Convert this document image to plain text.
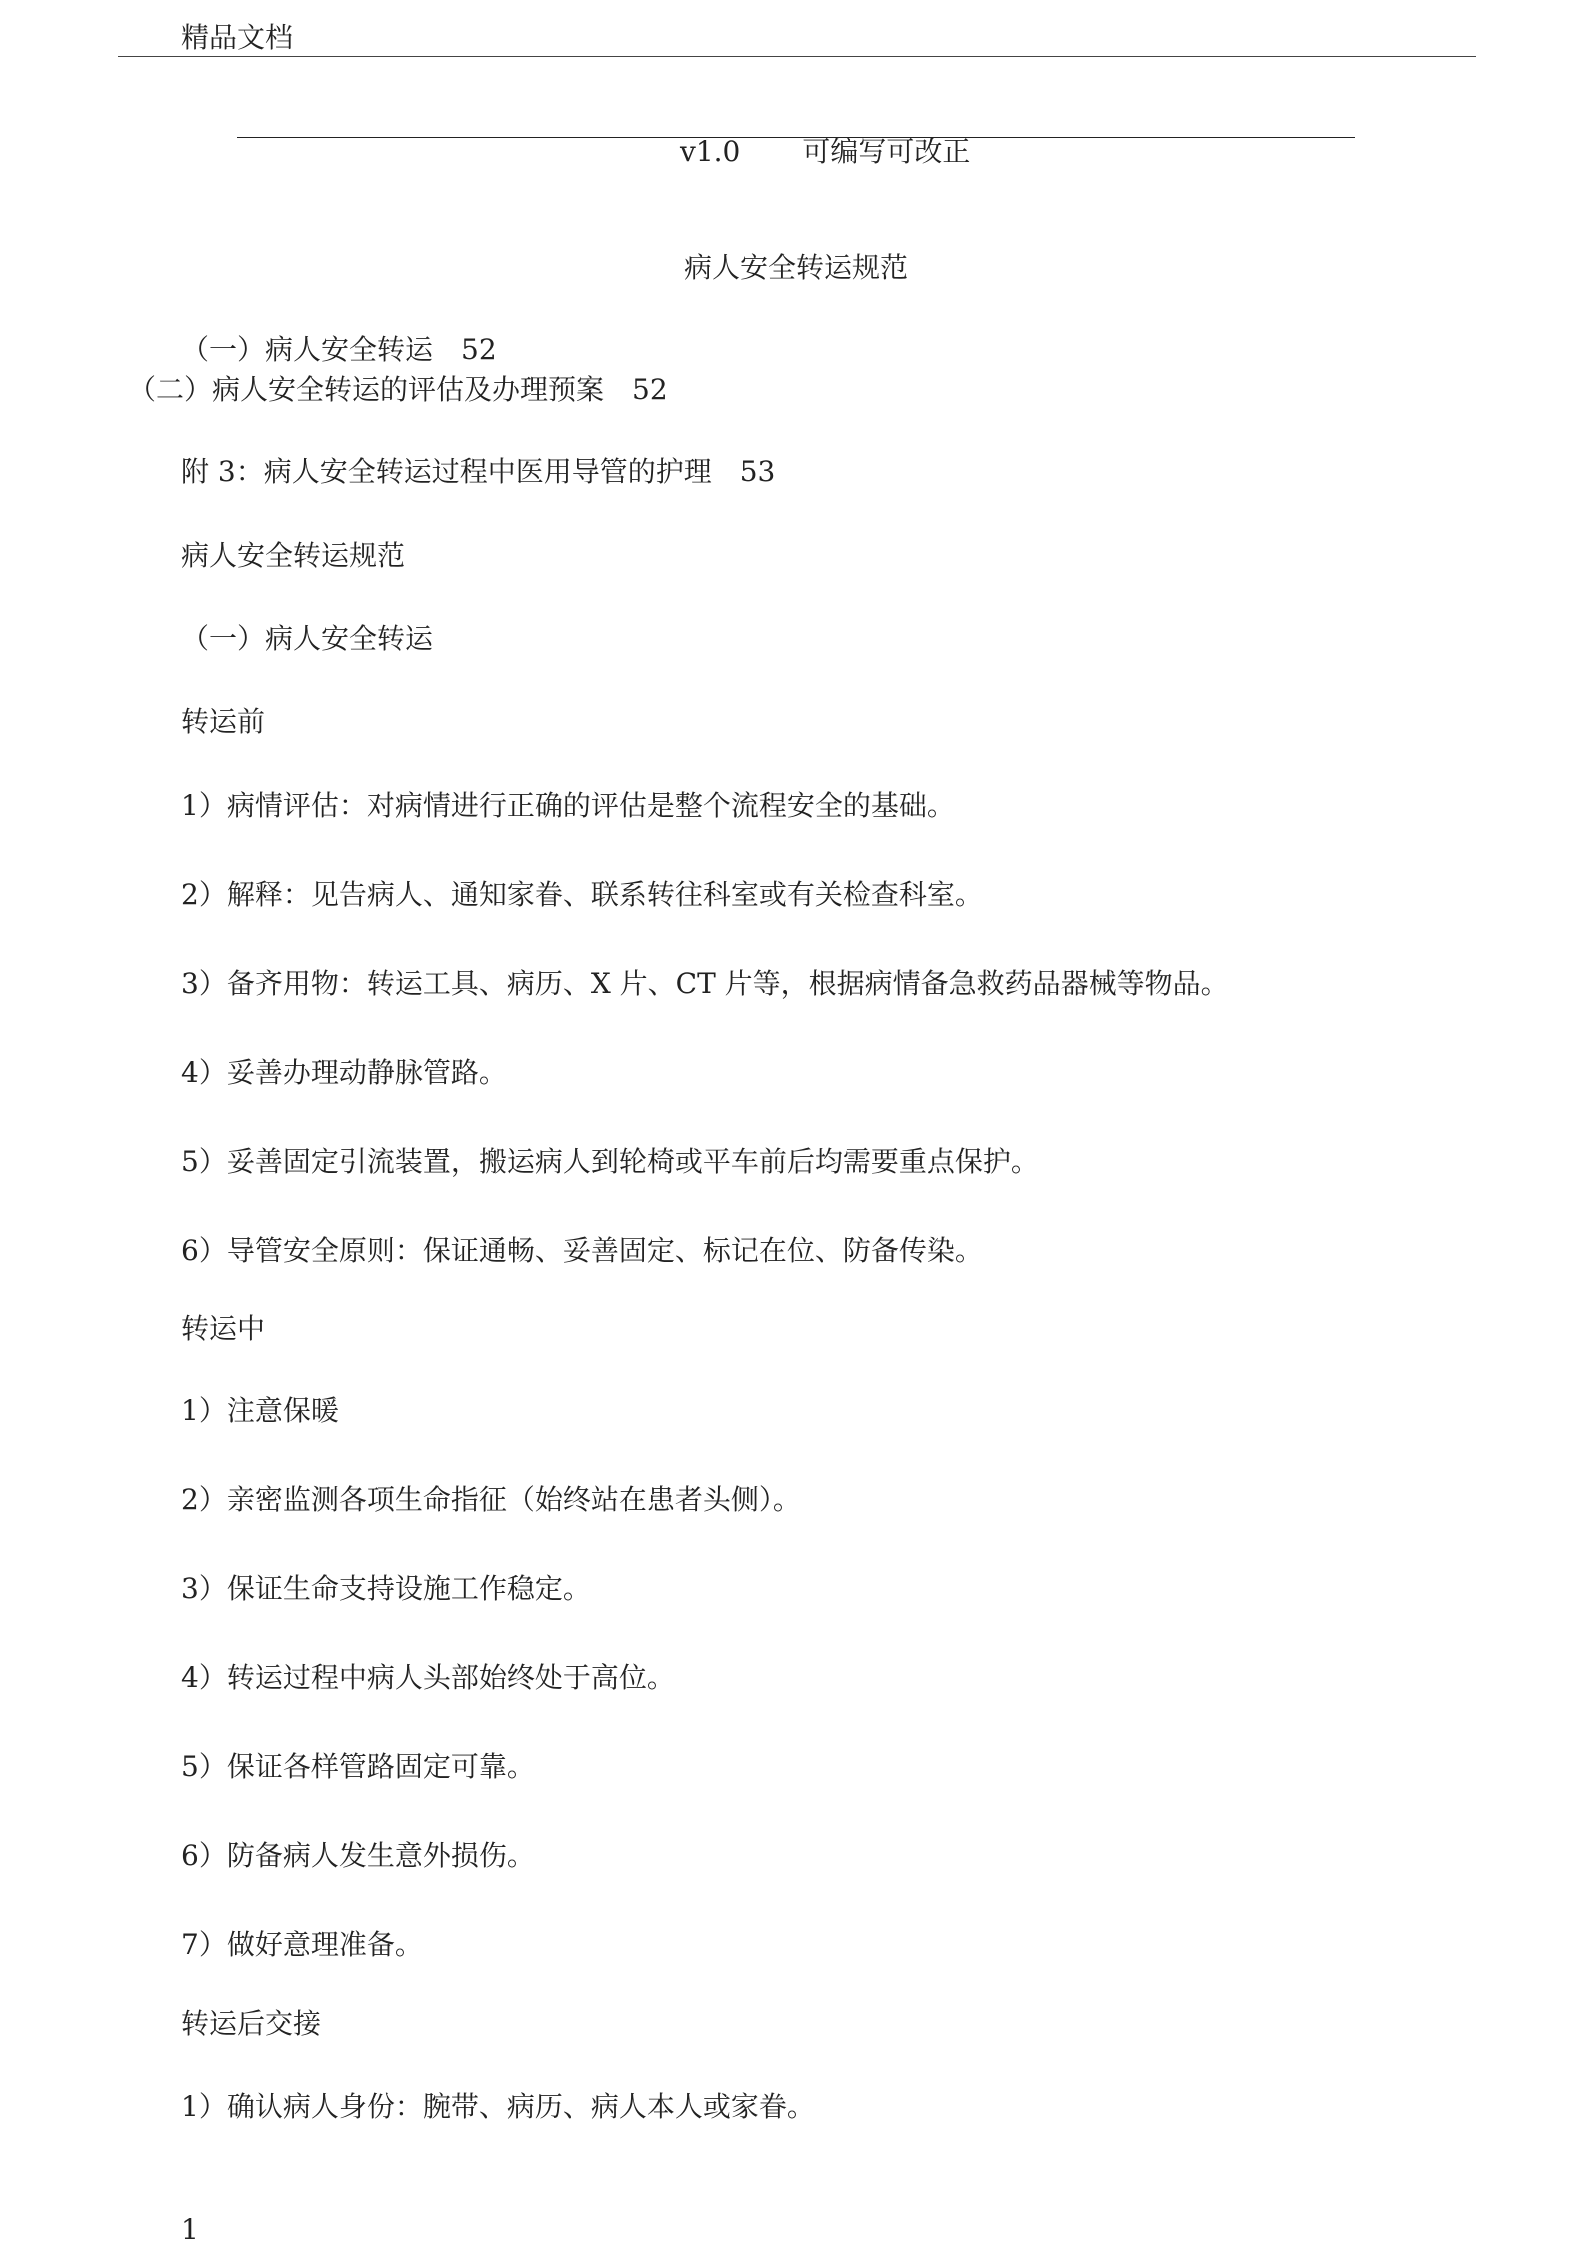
精品文档
v1.0 可编写可改正
病人安全转运规范
（一）病人安全转运　52
（二）病人安全转运的评估及办理预案　52
附 3：病人安全转运过程中医用导管的护理　53
病人安全转运规范
（一）病人安全转运
转运前
1）病情评估：对病情进行正确的评估是整个流程安全的基础。
2）解释：见告病人、通知家眷、联系转往科室或有关检查科室。
3）备齐用物：转运工具、病历、X 片、CT 片等，根据病情备急救药品器械等物品。
4）妥善办理动静脉管路。
5）妥善固定引流装置，搬运病人到轮椅或平车前后均需要重点保护。
6）导管安全原则：保证通畅、妥善固定、标记在位、防备传染。
转运中
1）注意保暖
2）亲密监测各项生命指征（始终站在患者头侧）。
3）保证生命支持设施工作稳定。
4）转运过程中病人头部始终处于高位。
5）保证各样管路固定可靠。
6）防备病人发生意外损伤。
7）做好意理准备。
转运后交接
1）确认病人身份：腕带、病历、病人本人或家眷。
1
